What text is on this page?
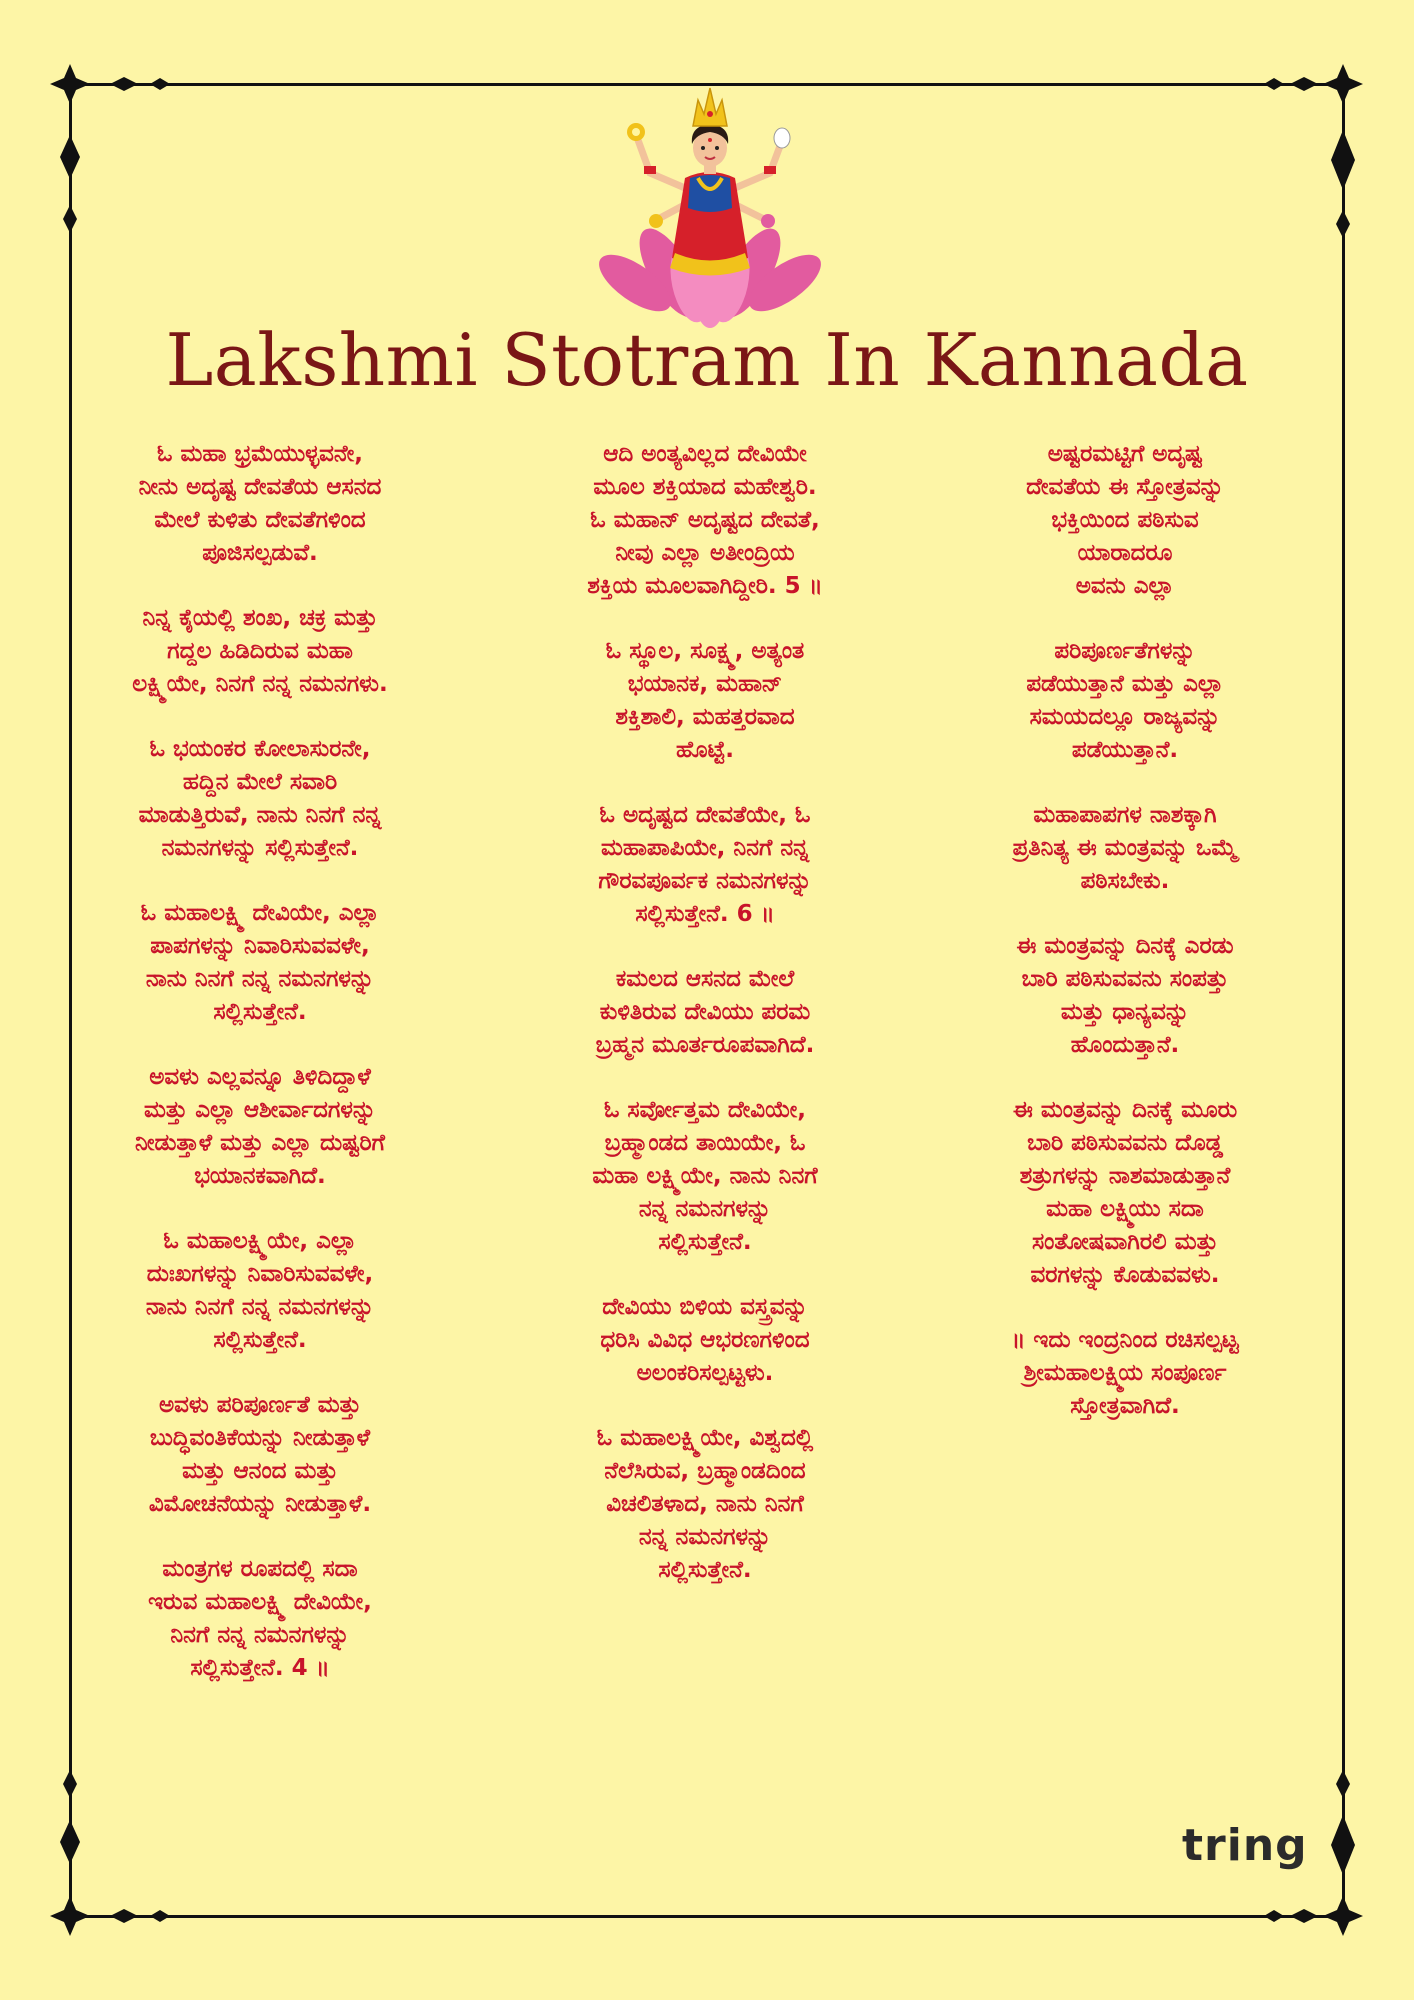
Lakshmi Stotram In Kannada

ಓ ಮಹಾ ಭ್ರಮೆಯುಳ್ಳವನೇ,
ನೀನು ಅದೃಷ್ಟ ದೇವತೆಯ ಆಸನದ
ಮೇಲೆ ಕುಳಿತು ದೇವತೆಗಳಿಂದ
ಪೂಜಿಸಲ್ಪಡುವೆ.

ನಿನ್ನ ಕೈಯಲ್ಲಿ ಶಂಖ, ಚಕ್ರ ಮತ್ತು
ಗದ್ದಲ ಹಿಡಿದಿರುವ ಮಹಾ
ಲಕ್ಷ್ಮಿಯೇ, ನಿನಗೆ ನನ್ನ ನಮನಗಳು.

ಓ ಭಯಂಕರ ಕೋಲಾಸುರನೇ,
ಹದ್ದಿನ ಮೇಲೆ ಸವಾರಿ
ಮಾಡುತ್ತಿರುವೆ, ನಾನು ನಿನಗೆ ನನ್ನ
ನಮನಗಳನ್ನು ಸಲ್ಲಿಸುತ್ತೇನೆ.

ಓ ಮಹಾಲಕ್ಷ್ಮಿ ದೇವಿಯೇ, ಎಲ್ಲಾ
ಪಾಪಗಳನ್ನು ನಿವಾರಿಸುವವಳೇ,
ನಾನು ನಿನಗೆ ನನ್ನ ನಮನಗಳನ್ನು
ಸಲ್ಲಿಸುತ್ತೇನೆ.

ಅವಳು ಎಲ್ಲವನ್ನೂ ತಿಳಿದಿದ್ದಾಳೆ
ಮತ್ತು ಎಲ್ಲಾ ಆಶೀರ್ವಾದಗಳನ್ನು
ನೀಡುತ್ತಾಳೆ ಮತ್ತು ಎಲ್ಲಾ ದುಷ್ಟರಿಗೆ
ಭಯಾನಕವಾಗಿದೆ.

ಓ ಮಹಾಲಕ್ಷ್ಮಿಯೇ, ಎಲ್ಲಾ
ದುಃಖಗಳನ್ನು ನಿವಾರಿಸುವವಳೇ,
ನಾನು ನಿನಗೆ ನನ್ನ ನಮನಗಳನ್ನು
ಸಲ್ಲಿಸುತ್ತೇನೆ.

ಅವಳು ಪರಿಪೂರ್ಣತೆ ಮತ್ತು
ಬುದ್ಧಿವಂತಿಕೆಯನ್ನು ನೀಡುತ್ತಾಳೆ
ಮತ್ತು ಆನಂದ ಮತ್ತು
ವಿಮೋಚನೆಯನ್ನು ನೀಡುತ್ತಾಳೆ.

ಮಂತ್ರಗಳ ರೂಪದಲ್ಲಿ ಸದಾ
ಇರುವ ಮಹಾಲಕ್ಷ್ಮಿ ದೇವಿಯೇ,
ನಿನಗೆ ನನ್ನ ನಮನಗಳನ್ನು
ಸಲ್ಲಿಸುತ್ತೇನೆ. 4 ॥

ಆದಿ ಅಂತ್ಯವಿಲ್ಲದ ದೇವಿಯೇ
ಮೂಲ ಶಕ್ತಿಯಾದ ಮಹೇಶ್ವರಿ.
ಓ ಮಹಾನ್ ಅದೃಷ್ಟದ ದೇವತೆ,
ನೀವು ಎಲ್ಲಾ ಅತೀಂದ್ರಿಯ
ಶಕ್ತಿಯ ಮೂಲವಾಗಿದ್ದೀರಿ. 5 ॥

ಓ ಸ್ಥೂಲ, ಸೂಕ್ಷ್ಮ, ಅತ್ಯಂತ
ಭಯಾನಕ, ಮಹಾನ್
ಶಕ್ತಿಶಾಲಿ, ಮಹತ್ತರವಾದ
ಹೊಟ್ಟೆ.

ಓ ಅದೃಷ್ಟದ ದೇವತೆಯೇ, ಓ
ಮಹಾಪಾಪಿಯೇ, ನಿನಗೆ ನನ್ನ
ಗೌರವಪೂರ್ವಕ ನಮನಗಳನ್ನು
ಸಲ್ಲಿಸುತ್ತೇನೆ. 6 ॥

ಕಮಲದ ಆಸನದ ಮೇಲೆ
ಕುಳಿತಿರುವ ದೇವಿಯು ಪರಮ
ಬ್ರಹ್ಮನ ಮೂರ್ತರೂಪವಾಗಿದೆ.

ಓ ಸರ್ವೋತ್ತಮ ದೇವಿಯೇ,
ಬ್ರಹ್ಮಾಂಡದ ತಾಯಿಯೇ, ಓ
ಮಹಾ ಲಕ್ಷ್ಮಿಯೇ, ನಾನು ನಿನಗೆ
ನನ್ನ ನಮನಗಳನ್ನು
ಸಲ್ಲಿಸುತ್ತೇನೆ.

ದೇವಿಯು ಬಿಳಿಯ ವಸ್ತ್ರವನ್ನು
ಧರಿಸಿ ವಿವಿಧ ಆಭರಣಗಳಿಂದ
ಅಲಂಕರಿಸಲ್ಪಟ್ಟಳು.

ಓ ಮಹಾಲಕ್ಷ್ಮಿಯೇ, ವಿಶ್ವದಲ್ಲಿ
ನೆಲೆಸಿರುವ, ಬ್ರಹ್ಮಾಂಡದಿಂದ
ವಿಚಲಿತಳಾದ, ನಾನು ನಿನಗೆ
ನನ್ನ ನಮನಗಳನ್ನು
ಸಲ್ಲಿಸುತ್ತೇನೆ.

ಅಷ್ಟರಮಟ್ಟಿಗೆ ಅದೃಷ್ಟ
ದೇವತೆಯ ಈ ಸ್ತೋತ್ರವನ್ನು
ಭಕ್ತಿಯಿಂದ ಪಠಿಸುವ
ಯಾರಾದರೂ
ಅವನು ಎಲ್ಲಾ

ಪರಿಪೂರ್ಣತೆಗಳನ್ನು
ಪಡೆಯುತ್ತಾನೆ ಮತ್ತು ಎಲ್ಲಾ
ಸಮಯದಲ್ಲೂ ರಾಜ್ಯವನ್ನು
ಪಡೆಯುತ್ತಾನೆ.

ಮಹಾಪಾಪಗಳ ನಾಶಕ್ಕಾಗಿ
ಪ್ರತಿನಿತ್ಯ ಈ ಮಂತ್ರವನ್ನು ಒಮ್ಮೆ
ಪಠಿಸಬೇಕು.

ಈ ಮಂತ್ರವನ್ನು ದಿನಕ್ಕೆ ಎರಡು
ಬಾರಿ ಪಠಿಸುವವನು ಸಂಪತ್ತು
ಮತ್ತು ಧಾನ್ಯವನ್ನು
ಹೊಂದುತ್ತಾನೆ.

ಈ ಮಂತ್ರವನ್ನು ದಿನಕ್ಕೆ ಮೂರು
ಬಾರಿ ಪಠಿಸುವವನು ದೊಡ್ಡ
ಶತ್ರುಗಳನ್ನು ನಾಶಮಾಡುತ್ತಾನೆ
ಮಹಾ ಲಕ್ಷ್ಮಿಯು ಸದಾ
ಸಂತೋಷವಾಗಿರಲಿ ಮತ್ತು
ವರಗಳನ್ನು ಕೊಡುವವಳು.

॥ ಇದು ಇಂದ್ರನಿಂದ ರಚಿಸಲ್ಪಟ್ಟ
ಶ್ರೀಮಹಾಲಕ್ಷ್ಮಿಯ ಸಂಪೂರ್ಣ
ಸ್ತೋತ್ರವಾಗಿದೆ.

tring
